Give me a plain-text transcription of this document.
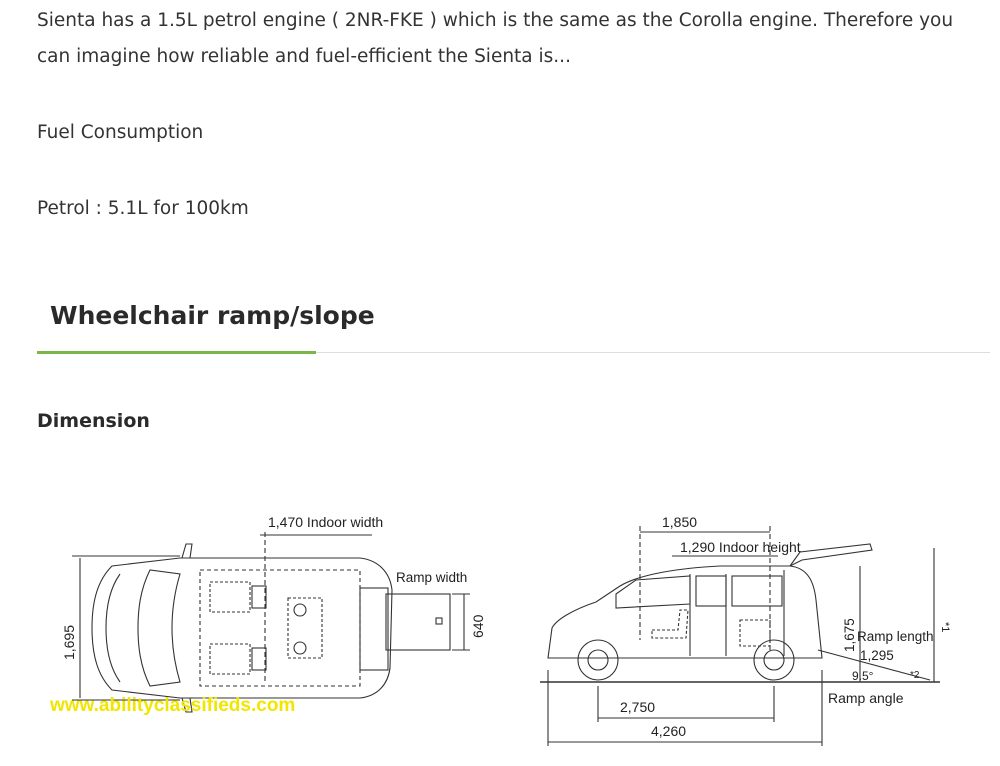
Sienta has a 1.5L petrol engine ( 2NR-FKE ) which is the same as the Corolla engine. Therefore you can imagine how reliable and fuel-efficient the Sienta is...

Fuel Consumption

Petrol : 5.1L for 100km

Wheelchair ramp/slope
Dimension
1,470 Indoor width
Ramp width
640
1,695
1,850
1,290 Indoor height
1,675	*1
Ramp length
1,295
9.5°	*2
Ramp angle
2,750
4,260
www.abilityclassifieds.com
